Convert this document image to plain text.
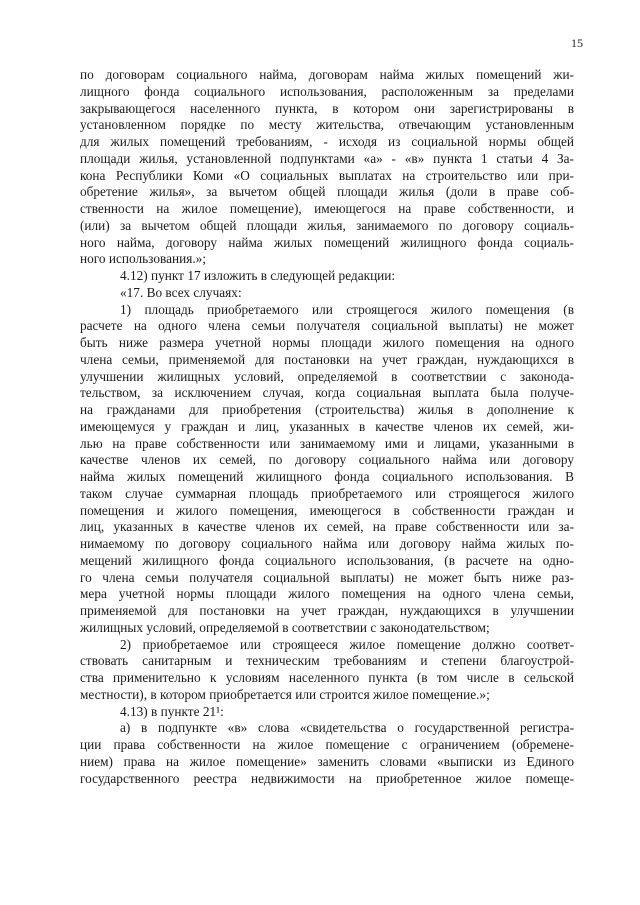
15
по договорам социального найма, договорам найма жилых помещений жи-
лищного фонда социального использования, расположенным за пределами
закрывающегося населенного пункта, в котором они зарегистрированы в
установленном порядке по месту жительства, отвечающим установленным
для жилых помещений требованиям, - исходя из социальной нормы общей
площади жилья, установленной подпунктами «а» - «в» пункта 1 статьи 4 За-
кона Республики Коми «О социальных выплатах на строительство или при-
обретение жилья», за вычетом общей площади жилья (доли в праве соб-
ственности на жилое помещение), имеющегося на праве собственности, и
(или) за вычетом общей площади жилья, занимаемого по договору социаль-
ного найма, договору найма жилых помещений жилищного фонда социаль-
ного использования.»;
4.12) пункт 17 изложить в следующей редакции:
«17. Во всех случаях:
1) площадь приобретаемого или строящегося жилого помещения (в
расчете на одного члена семьи получателя социальной выплаты) не может
быть ниже размера учетной нормы площади жилого помещения на одного
члена семьи, применяемой для постановки на учет граждан, нуждающихся в
улучшении жилищных условий, определяемой в соответствии с законода-
тельством, за исключением случая, когда социальная выплата была получе-
на гражданами для приобретения (строительства) жилья в дополнение к
имеющемуся у граждан и лиц, указанных в качестве членов их семей, жи-
лью на праве собственности или занимаемому ими и лицами, указанными в
качестве членов их семей, по договору социального найма или договору
найма жилых помещений жилищного фонда социального использования. В
таком случае суммарная площадь приобретаемого или строящегося жилого
помещения и жилого помещения, имеющегося в собственности граждан и
лиц, указанных в качестве членов их семей, на праве собственности или за-
нимаемому по договору социального найма или договору найма жилых по-
мещений жилищного фонда социального использования, (в расчете на одно-
го члена семьи получателя социальной выплаты) не может быть ниже раз-
мера учетной нормы площади жилого помещения на одного члена семьи,
применяемой для постановки на учет граждан, нуждающихся в улучшении
жилищных условий, определяемой в соответствии с законодательством;
2) приобретаемое или строящееся жилое помещение должно соответ-
ствовать санитарным и техническим требованиям и степени благоустрой-
ства применительно к условиям населенного пункта (в том числе в сельской
местности), в котором приобретается или строится жилое помещение.»;
4.13) в пункте 21¹:
а) в подпункте «в» слова «свидетельства о государственной регистра-
ции права собственности на жилое помещение с ограничением (обремене-
нием) права на жилое помещение» заменить словами «выписки из Единого
государственного реестра недвижимости на приобретенное жилое помеще-
